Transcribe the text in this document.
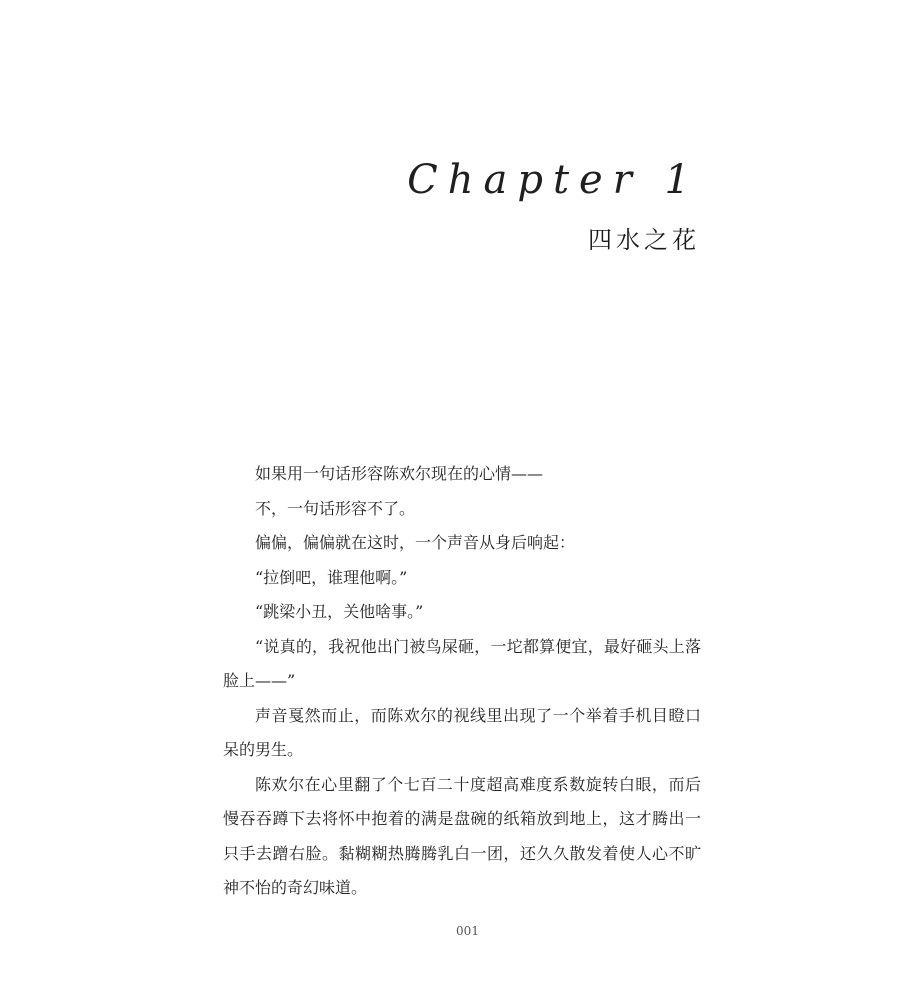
Chapter 1
四水之花

如果用一句话形容陈欢尔现在的心情——

不，一句话形容不了。

偏偏，偏偏就在这时，一个声音从身后响起：

“拉倒吧，谁理他啊。”

“跳梁小丑，关他啥事。”

“说真的，我祝他出门被鸟屎砸，一坨都算便宜，最好砸头上落脸上——”

声音戛然而止，而陈欢尔的视线里出现了一个举着手机目瞪口呆的男生。

陈欢尔在心里翻了个七百二十度超高难度系数旋转白眼，而后慢吞吞蹲下去将怀中抱着的满是盘碗的纸箱放到地上，这才腾出一只手去蹭右脸。黏糊糊热腾腾乳白一团，还久久散发着使人心不旷神不怡的奇幻味道。

001
